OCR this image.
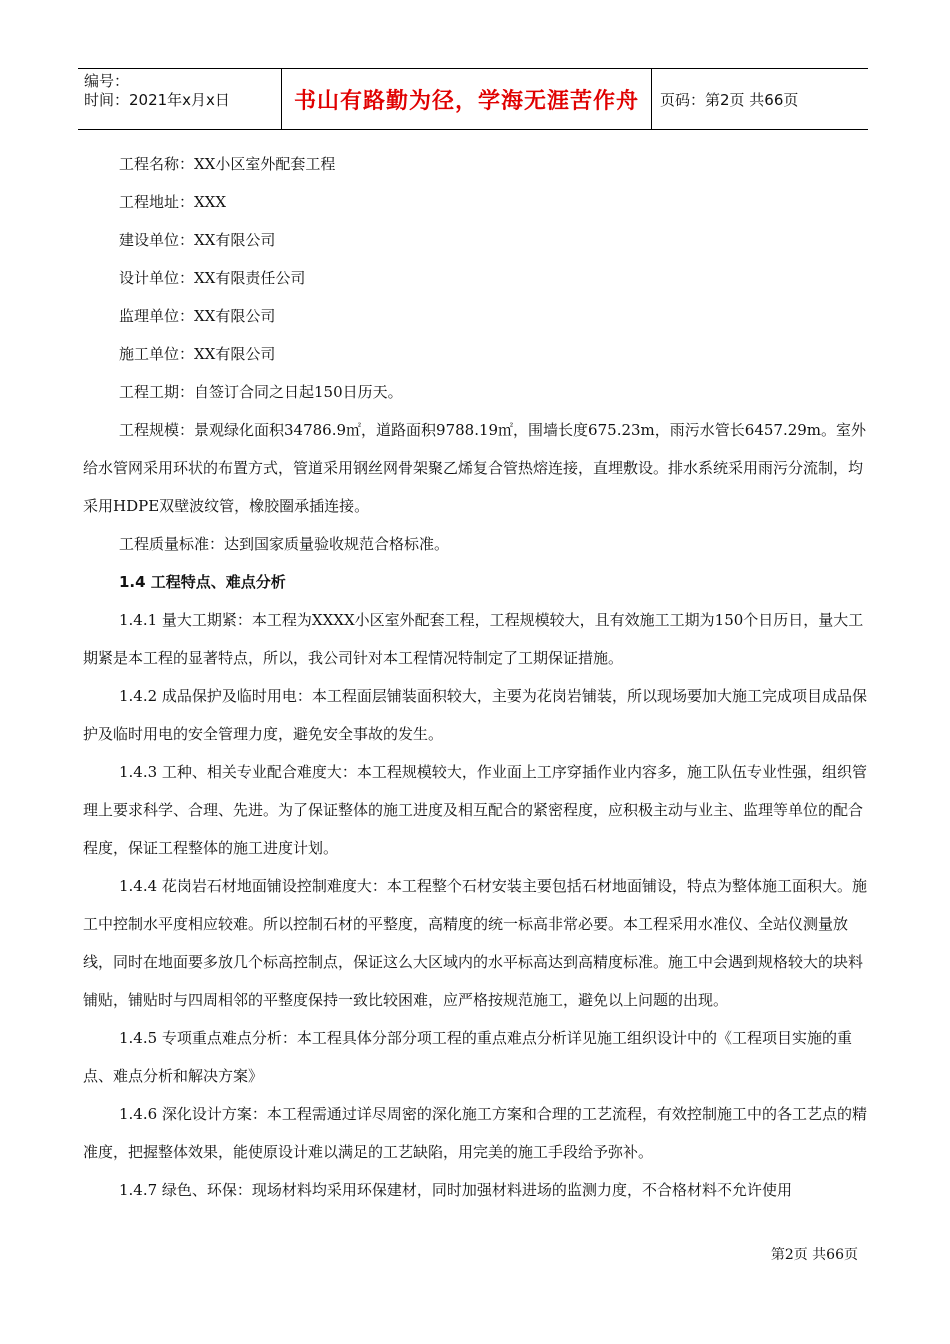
编号：
时间：2021年x月x日	书山有路勤为径，学海无涯苦作舟	页码：第2页 共66页

工程名称：XX小区室外配套工程

工程地址：XXX

建设单位：XX有限公司

设计单位：XX有限责任公司

监理单位：XX有限公司

施工单位：XX有限公司

工程工期：自签订合同之日起150日历天。

工程规模：景观绿化面积34786.9㎡，道路面积9788.19㎡，围墙长度675.23m，雨污水管长6457.29m。室外给水管网采用环状的布置方式，管道采用钢丝网骨架聚乙烯复合管热熔连接，直埋敷设。排水系统采用雨污分流制，均采用HDPE双壁波纹管，橡胶圈承插连接。

工程质量标准：达到国家质量验收规范合格标准。

1.4 工程特点、难点分析

1.4.1 量大工期紧：本工程为XXXX小区室外配套工程，工程规模较大，且有效施工工期为150个日历日，量大工期紧是本工程的显著特点，所以，我公司针对本工程情况特制定了工期保证措施。

1.4.2 成品保护及临时用电：本工程面层铺装面积较大，主要为花岗岩铺装，所以现场要加大施工完成项目成品保护及临时用电的安全管理力度，避免安全事故的发生。

1.4.3 工种、相关专业配合难度大：本工程规模较大，作业面上工序穿插作业内容多，施工队伍专业性强，组织管理上要求科学、合理、先进。为了保证整体的施工进度及相互配合的紧密程度，应积极主动与业主、监理等单位的配合程度，保证工程整体的施工进度计划。

1.4.4 花岗岩石材地面铺设控制难度大：本工程整个石材安装主要包括石材地面铺设，特点为整体施工面积大。施工中控制水平度相应较难。所以控制石材的平整度，高精度的统一标高非常必要。本工程采用水准仪、全站仪测量放线，同时在地面要多放几个标高控制点，保证这么大区域内的水平标高达到高精度标准。施工中会遇到规格较大的块料铺贴，铺贴时与四周相邻的平整度保持一致比较困难，应严格按规范施工，避免以上问题的出现。

1.4.5 专项重点难点分析：本工程具体分部分项工程的重点难点分析详见施工组织设计中的《工程项目实施的重点、难点分析和解决方案》

1.4.6 深化设计方案：本工程需通过详尽周密的深化施工方案和合理的工艺流程，有效控制施工中的各工艺点的精准度，把握整体效果，能使原设计难以满足的工艺缺陷，用完美的施工手段给予弥补。

1.4.7 绿色、环保：现场材料均采用环保建材，同时加强材料进场的监测力度，不合格材料不允许使用

第2页 共66页
